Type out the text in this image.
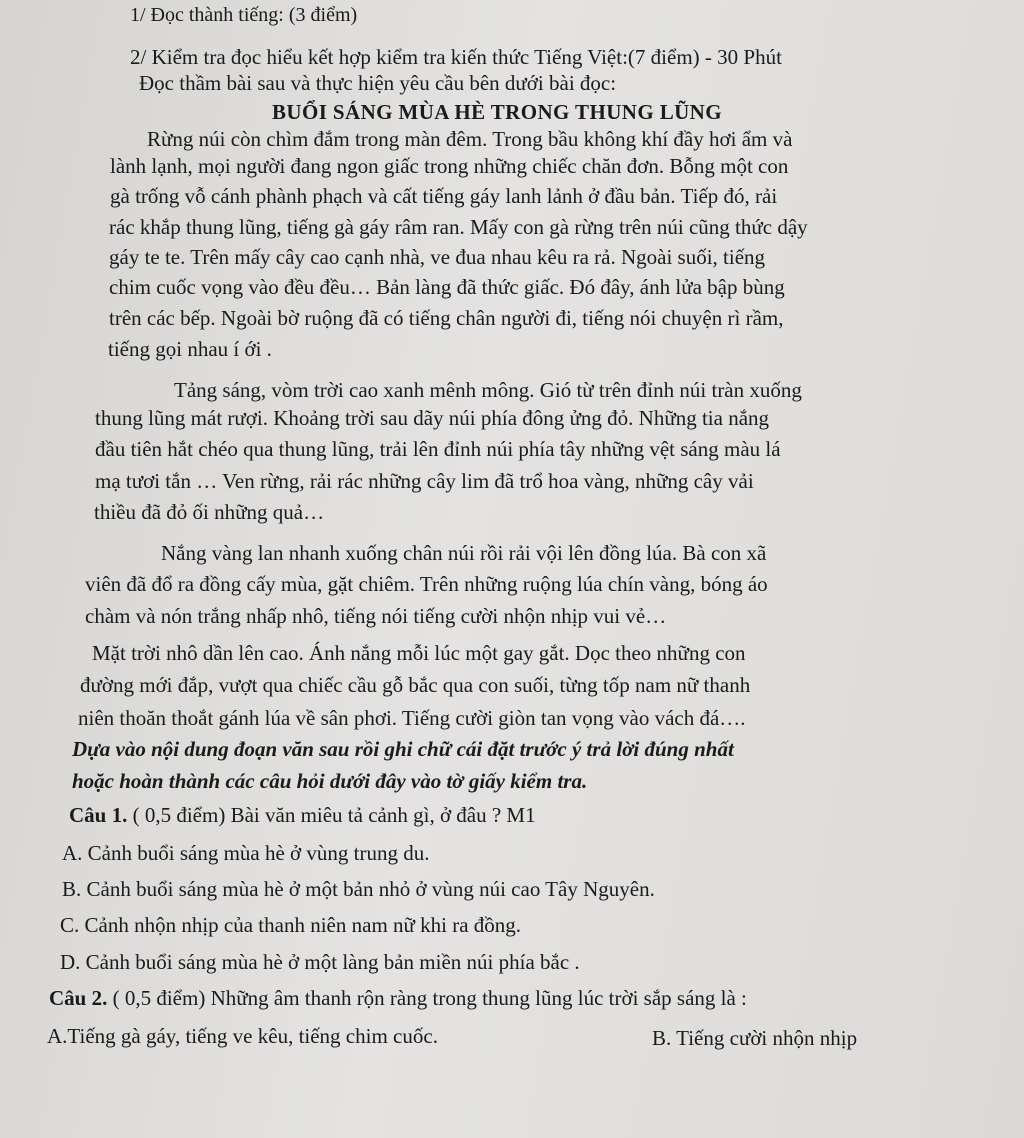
1/ Đọc thành tiếng: (3 điểm)
2/ Kiểm tra đọc hiểu kết hợp kiểm tra kiến thức Tiếng Việt:(7 điểm) - 30 Phút
Đọc thầm bài sau và thực hiện yêu cầu bên dưới bài đọc:
BUỔI SÁNG MÙA HÈ TRONG THUNG LŨNG
Rừng núi còn chìm đắm trong màn đêm. Trong bầu không khí đầy hơi ẩm và
lành lạnh, mọi người đang ngon giấc trong những chiếc chăn đơn. Bỗng một con
gà trống vỗ cánh phành phạch và cất tiếng gáy lanh lảnh ở đầu bản. Tiếp đó, rải
rác khắp thung lũng, tiếng gà gáy râm ran. Mấy con gà rừng trên núi cũng thức dậy
gáy te te. Trên mấy cây cao cạnh nhà, ve đua nhau kêu ra rả. Ngoài suối, tiếng
chim cuốc vọng vào đều đều… Bản làng đã thức giấc. Đó đây, ánh lửa bập bùng
trên các bếp. Ngoài bờ ruộng đã có tiếng chân người đi, tiếng nói chuyện rì rầm,
tiếng gọi nhau í ới .
Tảng sáng, vòm trời cao xanh mênh mông. Gió từ trên đỉnh núi tràn xuống
thung lũng mát rượi. Khoảng trời sau dãy núi phía đông ửng đỏ. Những tia nắng
đầu tiên hắt chéo qua thung lũng, trải lên đỉnh núi phía tây những vệt sáng màu lá
mạ tươi tắn … Ven rừng, rải rác những cây lim đã trổ hoa vàng, những cây vải
thiều đã đỏ ối những quả…
Nắng vàng lan nhanh xuống chân núi rồi rải vội lên đồng lúa. Bà con xã
viên đã đổ ra đồng cấy mùa, gặt chiêm. Trên những ruộng lúa chín vàng, bóng áo
chàm và nón trắng nhấp nhô, tiếng nói tiếng cười nhộn nhịp vui vẻ…
Mặt trời nhô dần lên cao. Ánh nắng mỗi lúc một gay gắt. Dọc theo những con
đường mới đắp, vượt qua chiếc cầu gỗ bắc qua con suối, từng tốp nam nữ thanh
niên thoăn thoắt gánh lúa về sân phơi. Tiếng cười giòn tan vọng vào vách đá….
Dựa vào nội dung đoạn văn sau rồi ghi chữ cái đặt trước ý trả lời đúng nhất
hoặc hoàn thành các câu hỏi dưới đây vào tờ giấy kiểm tra.
Câu 1. ( 0,5 điểm) Bài văn miêu tả cảnh gì, ở đâu ? M1
A. Cảnh buổi sáng mùa hè ở vùng trung du.
B. Cảnh buổi sáng mùa hè ở một bản nhỏ ở vùng núi cao Tây Nguyên.
C. Cảnh nhộn nhịp của thanh niên nam nữ khi ra đồng.
D. Cảnh buổi sáng mùa hè ở một làng bản miền núi phía bắc .
Câu 2. ( 0,5 điểm) Những âm thanh rộn ràng trong thung lũng lúc trời sắp sáng là :
A.Tiếng gà gáy, tiếng ve kêu, tiếng chim cuốc.	B. Tiếng cười nhộn nhịp
